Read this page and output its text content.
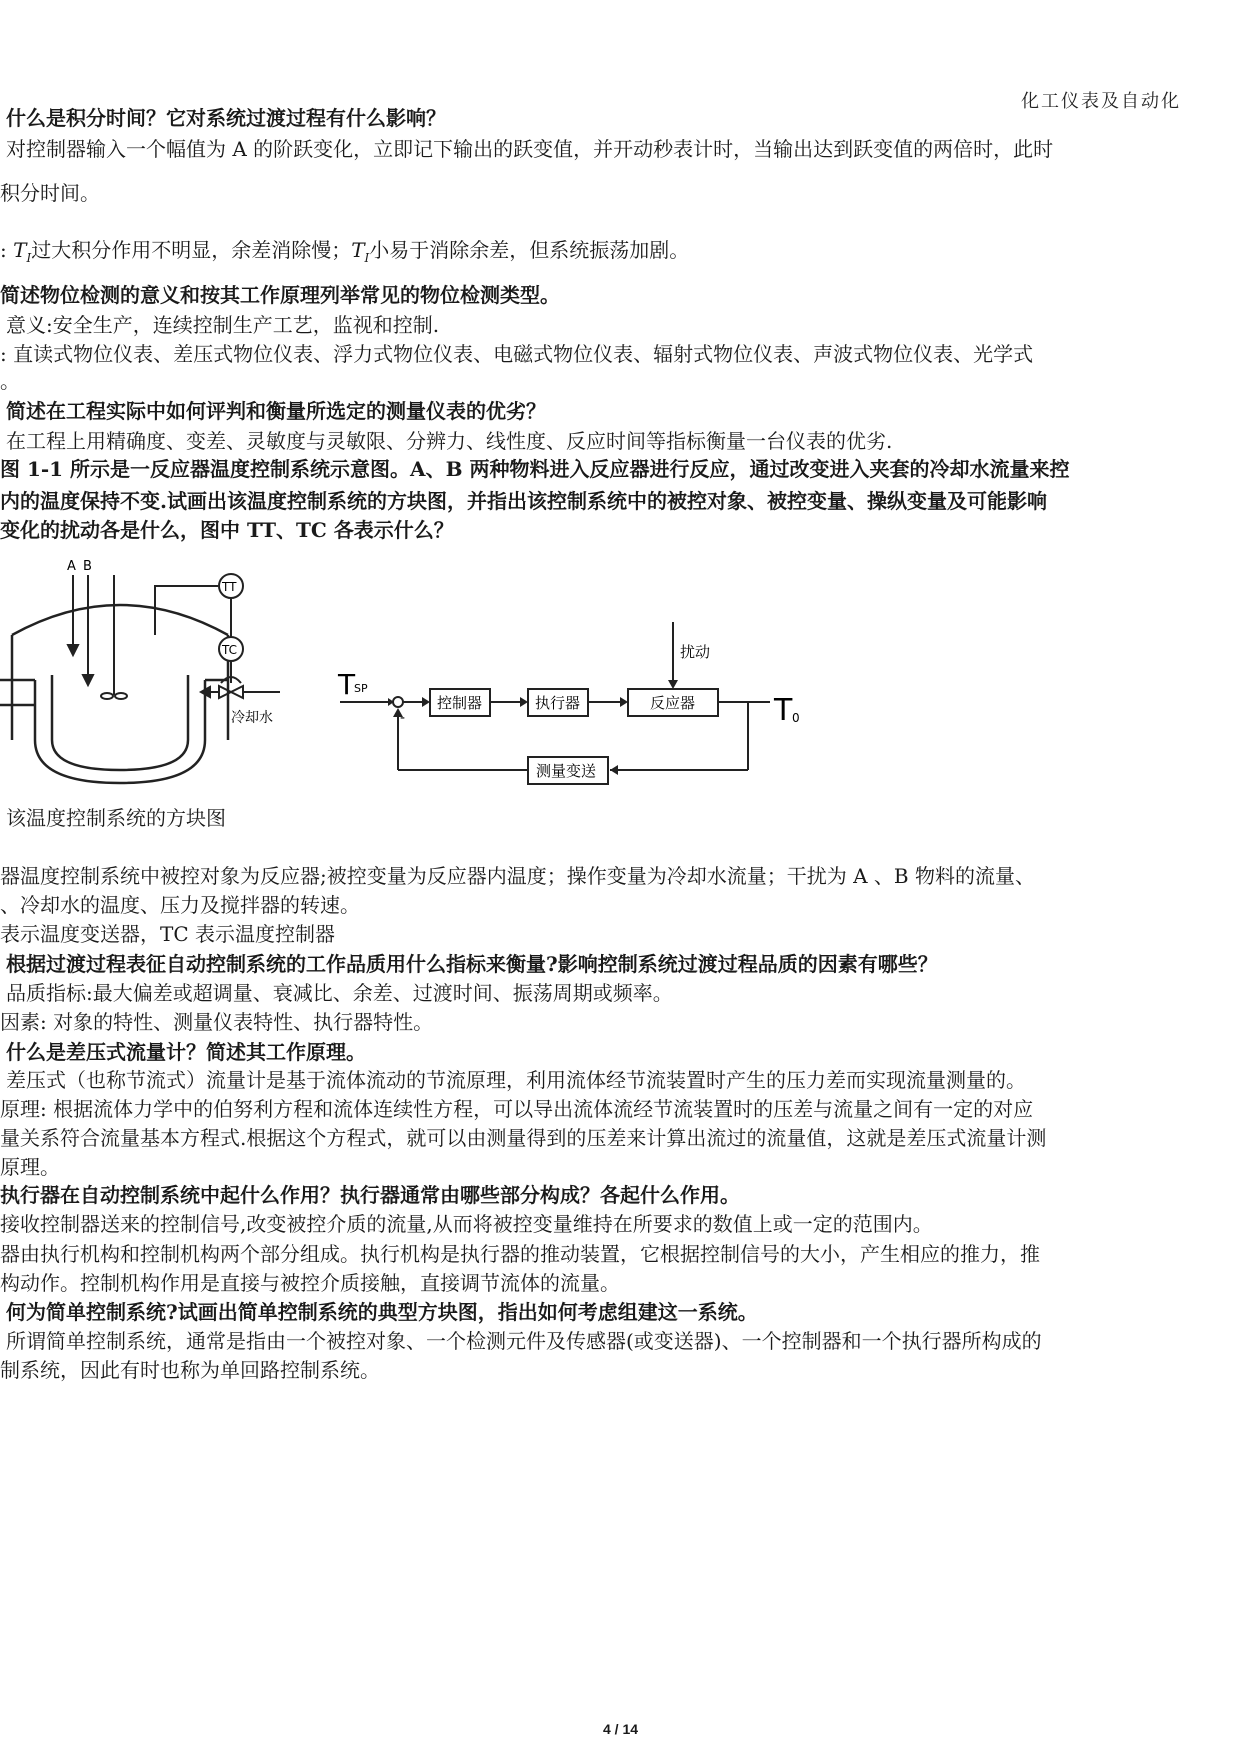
化工仪表及自动化
什么是积分时间？它对系统过渡过程有什么影响？
对控制器输入一个幅值为 A 的阶跃变化，立即记下输出的跃变值，并开动秒表计时，当输出达到跃变值的两倍时，此时
积分时间。
: $T_I$过大积分作用不明显，余差消除慢；$T_I$小易于消除余差，但系统振荡加剧。
简述物位检测的意义和按其工作原理列举常见的物位检测类型。
意义:安全生产，连续控制生产工艺，监视和控制.
: 直读式物位仪表、差压式物位仪表、浮力式物位仪表、电磁式物位仪表、辐射式物位仪表、声波式物位仪表、光学式
。
简述在工程实际中如何评判和衡量所选定的测量仪表的优劣？
在工程上用精确度、变差、灵敏度与灵敏限、分辨力、线性度、反应时间等指标衡量一台仪表的优劣.
图 1-1 所示是一反应器温度控制系统示意图。A、B 两种物料进入反应器进行反应，通过改变进入夹套的冷却水流量来控
内的温度保持不变.试画出该温度控制系统的方块图，并指出该控制系统中的被控对象、被控变量、操纵变量及可能影响
变化的扰动各是什么，图中 TT、TC 各表示什么？
A B
TT
TC
冷却水
T
SP
-
扰动
控制器	执行器	反应器	T 0
测量变送
该温度控制系统的方块图
器温度控制系统中被控对象为反应器;被控变量为反应器内温度；操作变量为冷却水流量；干扰为 A 、B 物料的流量、
、冷却水的温度、压力及搅拌器的转速。
表示温度变送器，TC 表示温度控制器
根据过渡过程表征自动控制系统的工作品质用什么指标来衡量?影响控制系统过渡过程品质的因素有哪些？
品质指标:最大偏差或超调量、衰减比、余差、过渡时间、振荡周期或频率。
因素: 对象的特性、测量仪表特性、执行器特性。
什么是差压式流量计？简述其工作原理。
差压式（也称节流式）流量计是基于流体流动的节流原理，利用流体经节流装置时产生的压力差而实现流量测量的。
原理: 根据流体力学中的伯努利方程和流体连续性方程，可以导出流体流经节流装置时的压差与流量之间有一定的对应
量关系符合流量基本方程式.根据这个方程式，就可以由测量得到的压差来计算出流过的流量值，这就是差压式流量计测
原理。
执行器在自动控制系统中起什么作用？执行器通常由哪些部分构成？各起什么作用。
接收控制器送来的控制信号,改变被控介质的流量,从而将被控变量维持在所要求的数值上或一定的范围内。
器由执行机构和控制机构两个部分组成。执行机构是执行器的推动装置，它根据控制信号的大小，产生相应的推力，推
构动作。控制机构作用是直接与被控介质接触，直接调节流体的流量。
何为简单控制系统?试画出简单控制系统的典型方块图，指出如何考虑组建这一系统。
所谓简单控制系统，通常是指由一个被控对象、一个检测元件及传感器(或变送器)、一个控制器和一个执行器所构成的
制系统，因此有时也称为单回路控制系统。
4 / 14
